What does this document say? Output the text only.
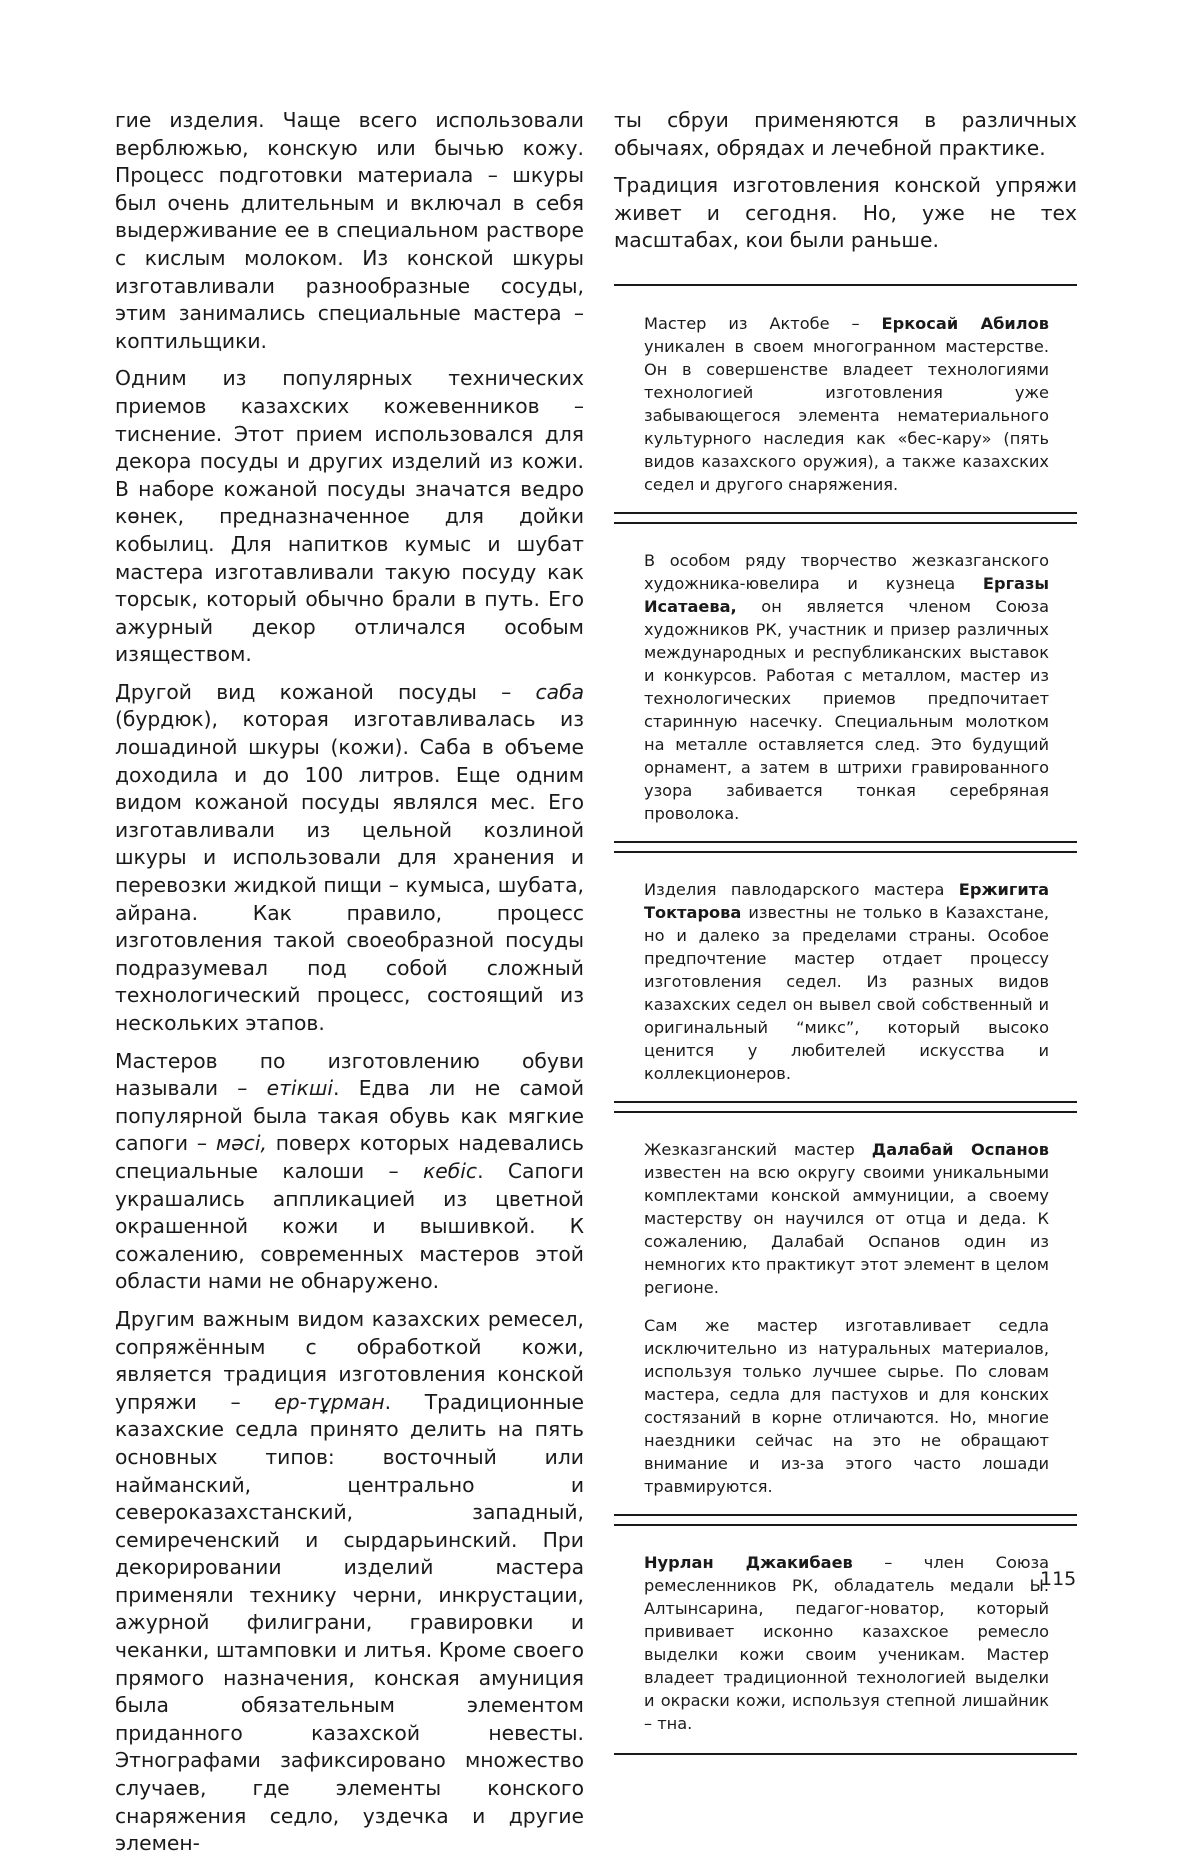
гие изделия. Чаще всего использовали верблюжью, конскую или бычью кожу. Процесс подготовки материала – шкуры был очень длительным и включал в себя выдерживание ее в специальном растворе с кислым молоком. Из конской шкуры изготавливали разнообразные сосуды, этим занимались специальные мастера – коптильщики.

Одним из популярных технических приемов казахских кожевенников – тиснение. Этот прием использовался для декора посуды и других изделий из кожи. В наборе кожаной посуды значатся ведро көнек, предназначенное для дойки кобылиц. Для напитков кумыс и шубат мастера изготавливали такую посуду как торсык, который обычно брали в путь. Его ажурный декор отличался особым изяществом.

Другой вид кожаной посуды – саба (бурдюк), которая изготавливалась из лошадиной шкуры (кожи). Саба в объеме доходила и до 100 литров. Еще одним видом кожаной посуды являлся мес. Его изготавливали из цельной козлиной шкуры и использовали для хранения и перевозки жидкой пищи – кумыса, шубата, айрана. Как правило, процесс изготовления такой своеобразной посуды подразумевал под собой сложный технологический процесс, состоящий из нескольких этапов.

Мастеров по изготовлению обуви называли – етікші. Едва ли не самой популярной была такая обувь как мягкие сапоги – мәсі, поверх которых надевались специальные калоши – кебіс. Сапоги украшались аппликацией из цветной окрашенной кожи и вышивкой. К сожалению, современных мастеров этой области нами не обнаружено.

Другим важным видом казахских ремесел, сопряжённым с обработкой кожи, является традиция изготовления конской упряжи – ер-тұрман. Традиционные казахские седла принято делить на пять основных типов: восточный или найманский, центрально и североказахстанский, западный, семиреченский и сырдарьинский. При декорировании изделий мастера применяли технику черни, инкрустации, ажурной филиграни, гравировки и чеканки, штамповки и литья. Кроме своего прямого назначения, конская амуниция была обязательным элементом приданного казахской невесты. Этнографами зафиксировано множество случаев, где элементы конского снаряжения седло, уздечка и другие элемен-

ты сбруи применяются в различных обычаях, обрядах и лечебной практике.

Традиция изготовления конской упряжи живет и сегодня. Но, уже не тех масштабах, кои были раньше.

Мастер из Актобе – Еркосай Абилов уникален в своем многогранном мастерстве. Он в совершенстве владеет технологиями технологией изготовления уже забывающегося элемента нематериального культурного наследия как «бес-кару» (пять видов казахского оружия), а также казахских седел и другого снаряжения.
В особом ряду творчество жезказганского художника-ювелира и кузнеца Ергазы Исатаева, он является членом Союза художников РК, участник и призер различных международных и республиканских выставок и конкурсов. Работая с металлом, мастер из технологических приемов предпочитает старинную насечку. Специальным молотком на металле оставляется след. Это будущий орнамент, а затем в штрихи гравированного узора забивается тонкая серебряная проволока.
Изделия павлодарского мастера Ержигита Токтарова известны не только в Казахстане, но и далеко за пределами страны. Особое предпочтение мастер отдает процессу изготовления седел. Из разных видов казахских седел он вывел свой собственный и оригинальный “микс”, который высоко ценится у любителей искусства и коллекционеров.
Жезказганский мастер Далабай Оспанов известен на всю округу своими уникальными комплектами конской аммуниции, а своему мастерству он научился от отца и деда. К сожалению, Далабай Оспанов один из немногих кто практикут этот элемент в целом регионе.
Сам же мастер изготавливает седла исключительно из натуральных материалов, используя только лучшее сырье. По словам мастера, седла для пастухов и для конских состязаний в корне отличаются. Но, многие наездники сейчас на это не обращают внимание и из-за этого часто лошади травмируются.
Нурлан Джакибаев – член Союза ремесленников РК, обладатель медали Ы. Алтынсарина, педагог-новатор, который прививает исконно казахское ремесло выделки кожи своим ученикам. Мастер владеет традиционной технологией выделки и окраски кожи, используя степной лишайник – тна.
115
